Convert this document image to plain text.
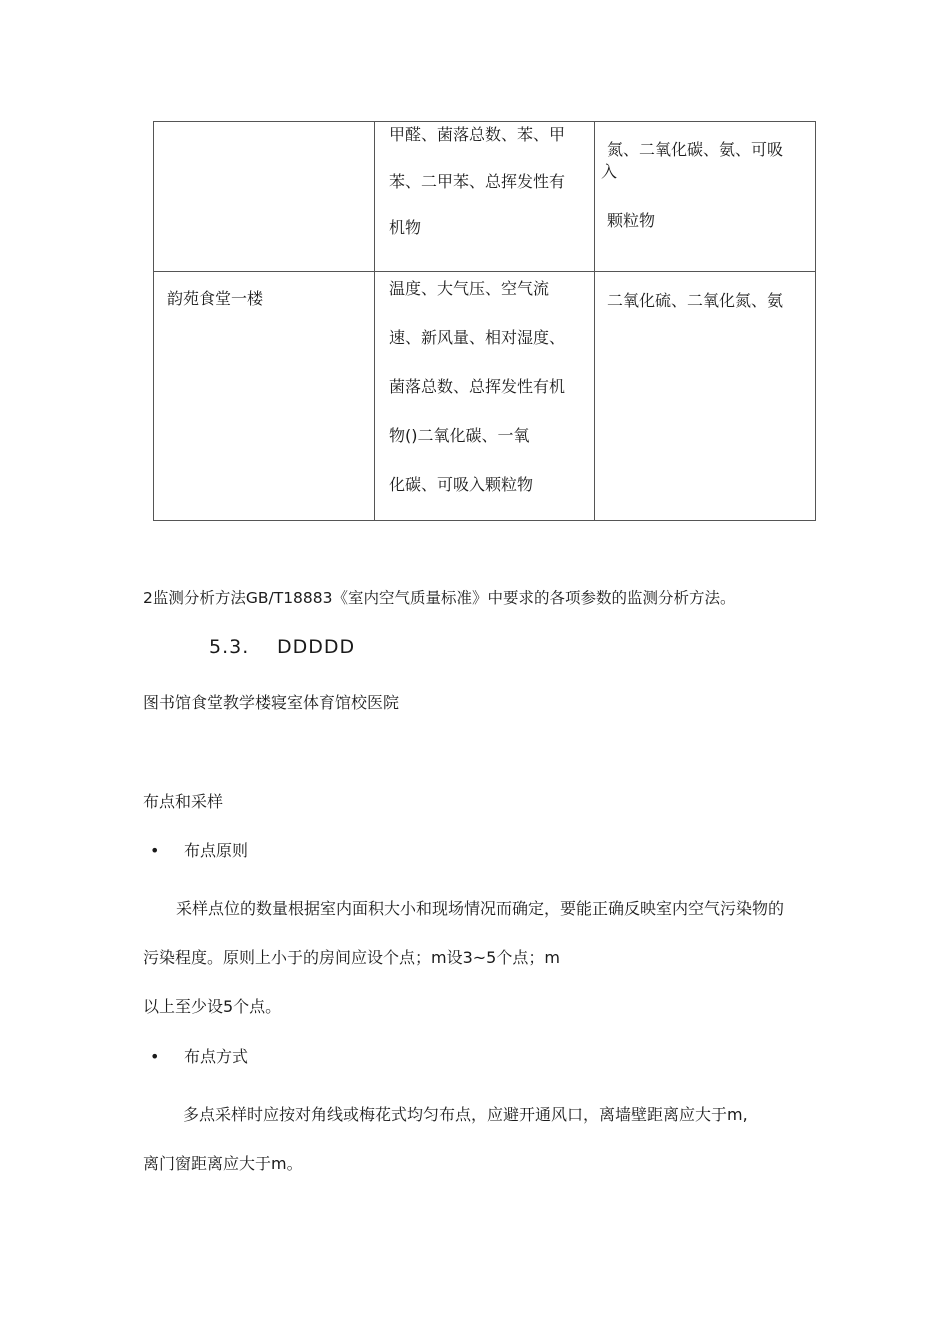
甲醛、菌落总数、苯、甲
苯、二甲苯、总挥发性有
机物
氮、二氧化碳、氨、可吸
入
颗粒物
韵苑食堂一楼
温度、大气压、空气流
速、新风量、相对湿度、
菌落总数、总挥发性有机
物()二氧化碳、一氧
化碳、可吸入颗粒物
二氧化硫、二氧化氮、氨
2监测分析方法GB/T18883《室内空气质量标准》中要求的各项参数的监测分析方法。
5.3. DDDDD
图书馆食堂教学楼寝室体育馆校医院
布点和采样
• 布点原则
采样点位的数量根据室内面积大小和现场情况而确定，要能正确反映室内空气污染物的
污染程度。原则上小于的房间应设个点；m设3~5个点；m
以上至少设5个点。
• 布点方式
多点采样时应按对角线或梅花式均匀布点，应避开通风口，离墙壁距离应大于m,
离门窗距离应大于m。
